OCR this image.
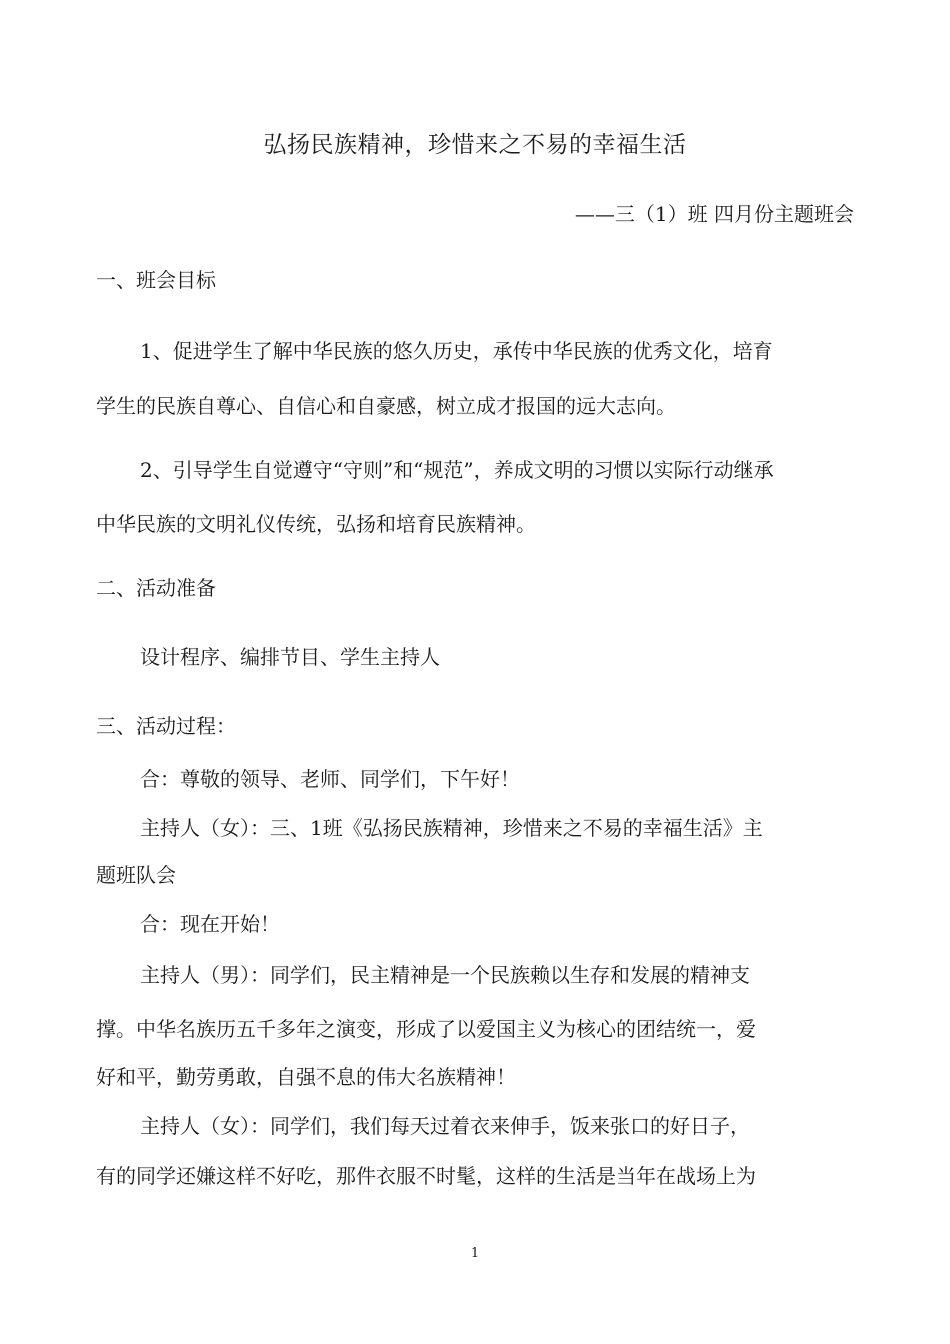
弘扬民族精神，珍惜来之不易的幸福生活

——三（1）班 四月份主题班会

一、班会目标

1、促进学生了解中华民族的悠久历史，承传中华民族的优秀文化，培育

学生的民族自尊心、自信心和自豪感，树立成才报国的远大志向。

2、引导学生自觉遵守“守则”和“规范”，养成文明的习惯以实际行动继承

中华民族的文明礼仪传统，弘扬和培育民族精神。

二、活动准备

设计程序、编排节目、学生主持人

三、活动过程：

合：尊敬的领导、老师、同学们，下午好！

主持人（女）：三、1班《弘扬民族精神，珍惜来之不易的幸福生活》主

题班队会

合：现在开始！

主持人（男）：同学们，民主精神是一个民族赖以生存和发展的精神支

撑。中华名族历五千多年之演变，形成了以爱国主义为核心的团结统一，爱

好和平，勤劳勇敢，自强不息的伟大名族精神！

主持人（女）：同学们，我们每天过着衣来伸手，饭来张口的好日子，

有的同学还嫌这样不好吃，那件衣服不时髦，这样的生活是当年在战场上为

1
